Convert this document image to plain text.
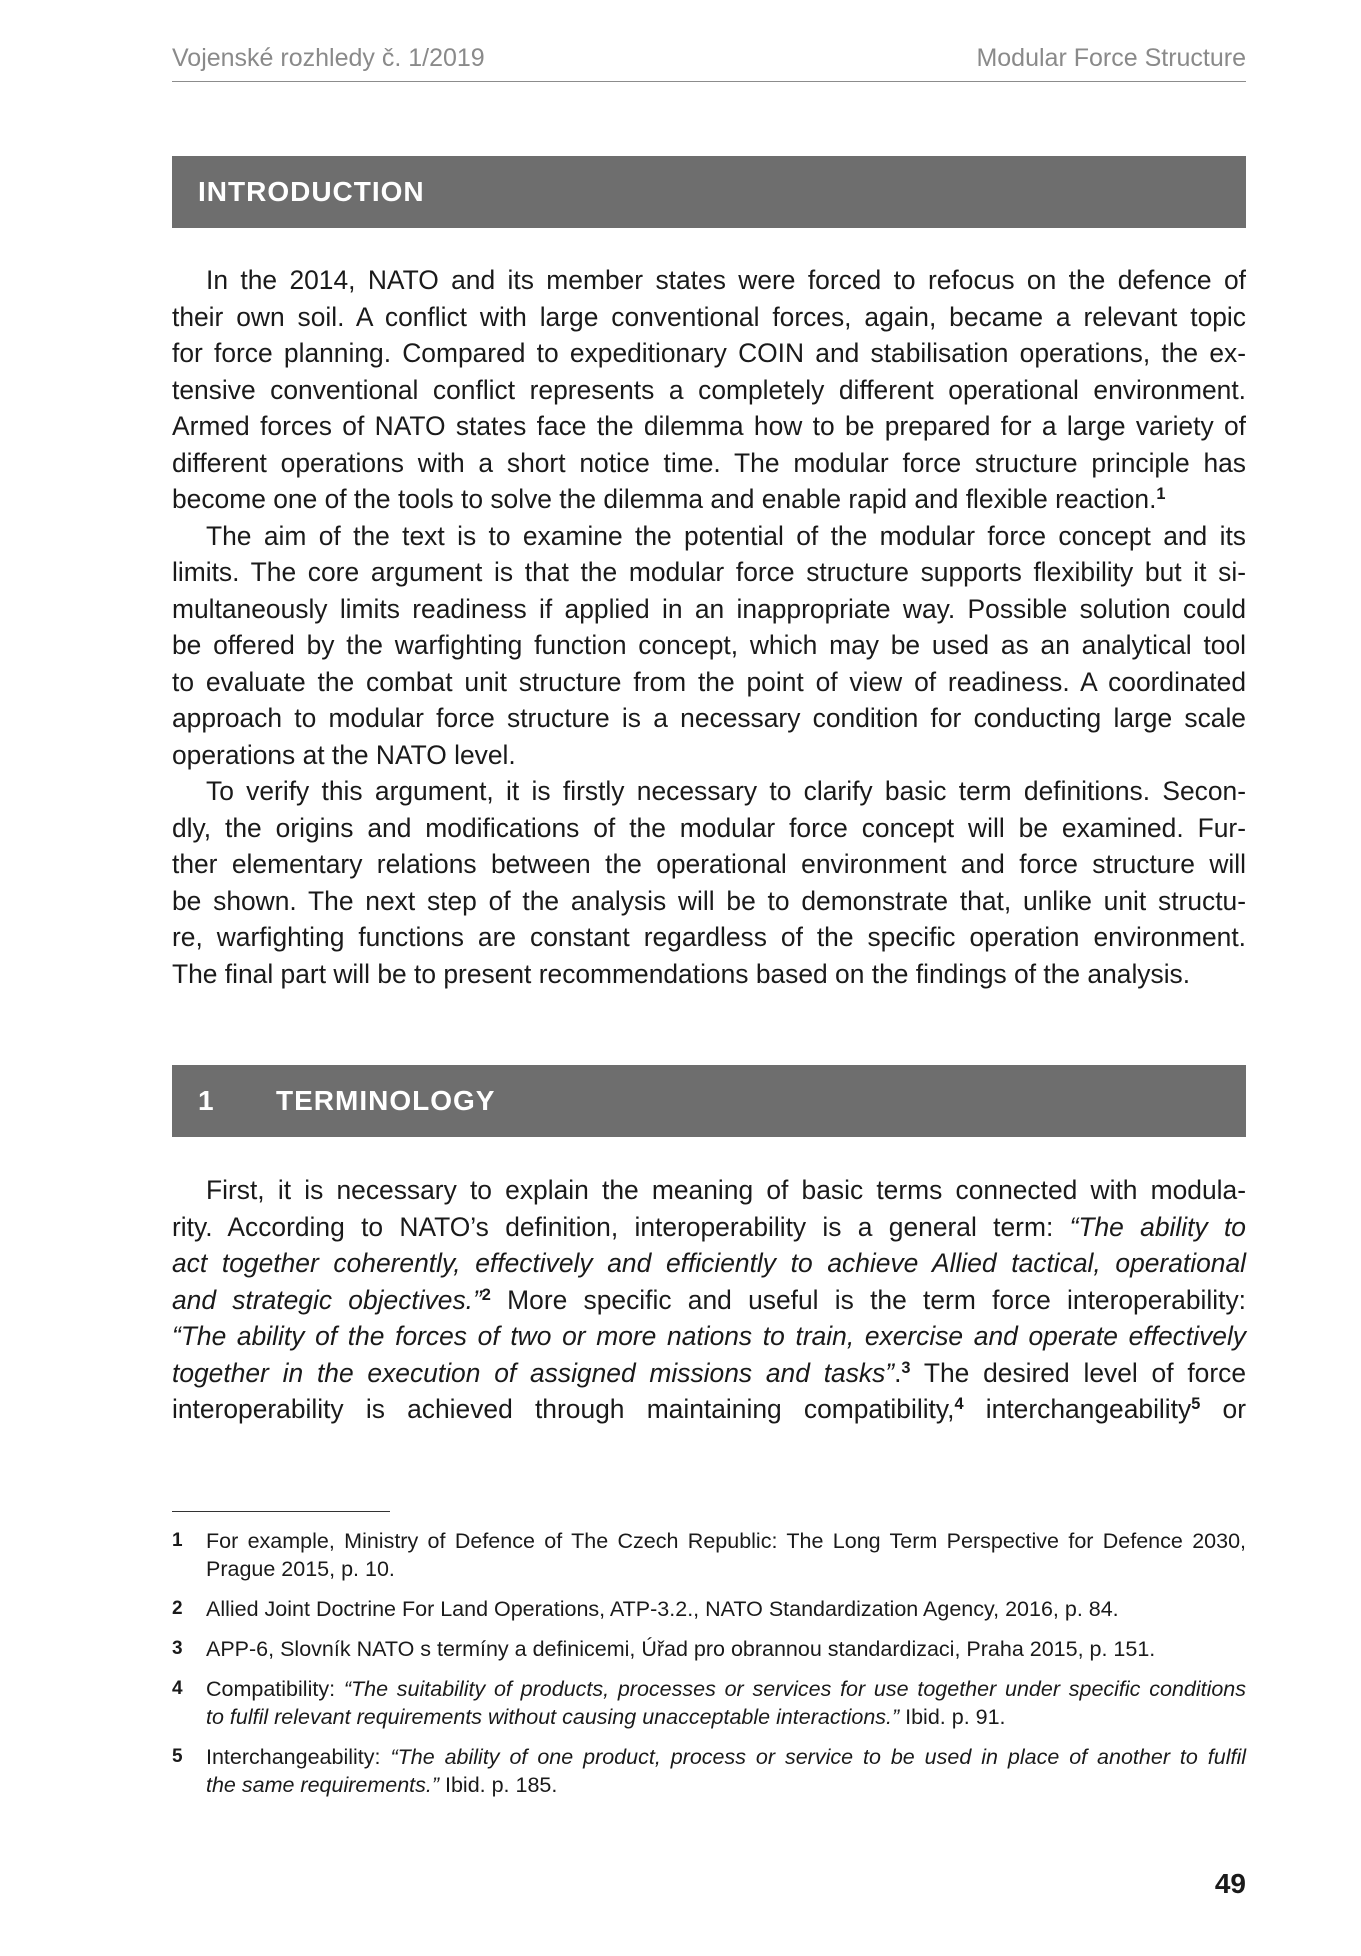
Vojenské rozhledy č. 1/2019	Modular Force Structure
INTRODUCTION
In the 2014, NATO and its member states were forced to refocus on the defence of
their own soil. A conflict with large conventional forces, again, became a relevant topic
for force planning. Compared to expeditionary COIN and stabilisation operations, the ex-
tensive conventional conflict represents a completely different operational environment.
Armed forces of NATO states face the dilemma how to be prepared for a large variety of
different operations with a short notice time. The modular force structure principle has
become one of the tools to solve the dilemma and enable rapid and flexible reaction.$^1$
The aim of the text is to examine the potential of the modular force concept and its
limits. The core argument is that the modular force structure supports flexibility but it si-
multaneously limits readiness if applied in an inappropriate way. Possible solution could
be offered by the warfighting function concept, which may be used as an analytical tool
to evaluate the combat unit structure from the point of view of readiness. A coordinated
approach to modular force structure is a necessary condition for conducting large scale
operations at the NATO level.
To verify this argument, it is firstly necessary to clarify basic term definitions. Secon-
dly, the origins and modifications of the modular force concept will be examined. Fur-
ther elementary relations between the operational environment and force structure will
be shown. The next step of the analysis will be to demonstrate that, unlike unit structu-
re, warfighting functions are constant regardless of the specific operation environment.
The final part will be to present recommendations based on the findings of the analysis.
1 TERMINOLOGY
First, it is necessary to explain the meaning of basic terms connected with modula-
rity. According to NATO’s definition, interoperability is a general term: “The ability to
act together coherently, effectively and efficiently to achieve Allied tactical, operational
and strategic objectives.”$^2$ More specific and useful is the term force interoperability:
“The ability of the forces of two or more nations to train, exercise and operate effectively
together in the execution of assigned missions and tasks”.$^3$ The desired level of force
interoperability is achieved through maintaining compatibility,$^4$ interchangeability$^5$ or
1 For example, Ministry of Defence of The Czech Republic: The Long Term Perspective for Defence 2030,
Prague 2015, p. 10.
2 Allied Joint Doctrine For Land Operations, ATP-3.2., NATO Standardization Agency, 2016, p. 84.
3 APP-6, Slovník NATO s termíny a definicemi, Úřad pro obrannou standardizaci, Praha 2015, p. 151.
4 Compatibility: “The suitability of products, processes or services for use together under specific conditions
to fulfil relevant requirements without causing unacceptable interactions.” Ibid. p. 91.
5 Interchangeability: “The ability of one product, process or service to be used in place of another to fulfil
the same requirements.” Ibid. p. 185.
49
